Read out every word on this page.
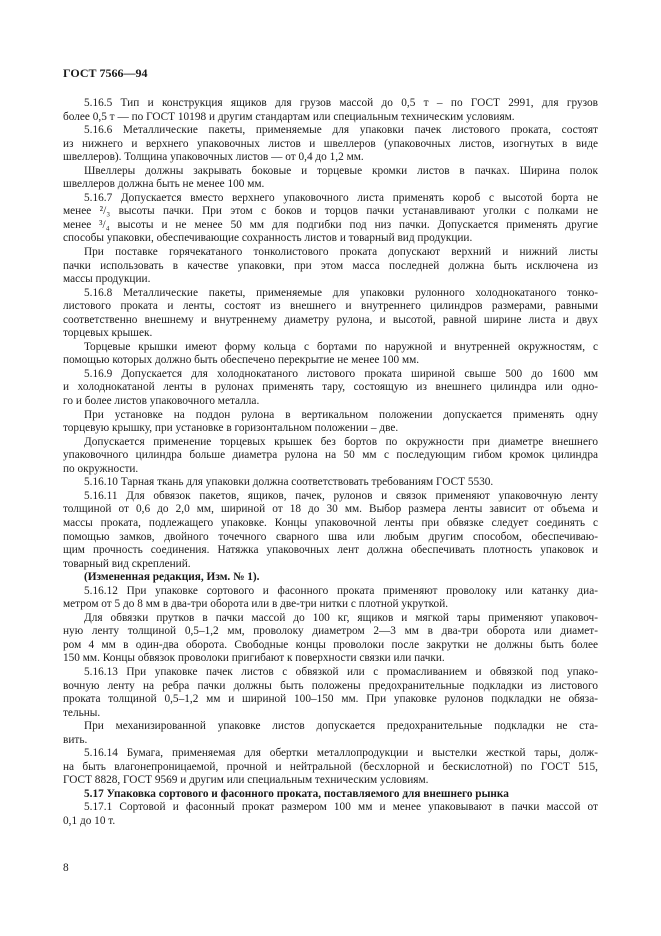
ГОСТ 7566—94
5.16.5 Тип и конструкция ящиков для грузов массой до 0,5 т – по ГОСТ 2991, для грузов
более 0,5 т — по ГОСТ 10198 и другим стандартам или специальным техническим условиям.
5.16.6 Металлические пакеты, применяемые для упаковки пачек листового проката, состоят
из нижнего и верхнего упаковочных листов и швеллеров (упаковочных листов, изогнутых в виде
швеллеров). Толщина упаковочных листов — от 0,4 до 1,2 мм.
Швеллеры должны закрывать боковые и торцевые кромки листов в пачках. Ширина полок
швеллеров должна быть не менее 100 мм.
5.16.7 Допускается вместо верхнего упаковочного листа применять короб с высотой борта не
менее ²/₃ высоты пачки. При этом с боков и торцов пачки устанавливают уголки с полками не
менее ³/₄ высоты и не менее 50 мм для подгибки под низ пачки. Допускается применять другие
способы упаковки, обеспечивающие сохранность листов и товарный вид продукции.
При поставке горячекатаного тонколистового проката допускают верхний и нижний листы
пачки использовать в качестве упаковки, при этом масса последней должна быть исключена из
массы продукции.
5.16.8 Металлические пакеты, применяемые для упаковки рулонного холоднокатаного тонко-
листового проката и ленты, состоят из внешнего и внутреннего цилиндров размерами, равными
соответственно внешнему и внутреннему диаметру рулона, и высотой, равной ширине листа и двух
торцевых крышек.
Торцевые крышки имеют форму кольца с бортами по наружной и внутренней окружностям, с
помощью которых должно быть обеспечено перекрытие не менее 100 мм.
5.16.9 Допускается для холоднокатаного листового проката шириной свыше 500 до 1600 мм
и холоднокатаной ленты в рулонах применять тару, состоящую из внешнего цилиндра или одно-
го и более листов упаковочного металла.
При установке на поддон рулона в вертикальном положении допускается применять одну
торцевую крышку, при установке в горизонтальном положении – две.
Допускается применение торцевых крышек без бортов по окружности при диаметре внешнего
упаковочного цилиндра больше диаметра рулона на 50 мм с последующим гибом кромок цилиндра
по окружности.
5.16.10 Тарная ткань для упаковки должна соответствовать требованиям ГОСТ 5530.
5.16.11 Для обвязок пакетов, ящиков, пачек, рулонов и связок применяют упаковочную ленту
толщиной от 0,6 до 2,0 мм, шириной от 18 до 30 мм. Выбор размера ленты зависит от объема и
массы проката, подлежащего упаковке. Концы упаковочной ленты при обвязке следует соединять с
помощью замков, двойного точечного сварного шва или любым другим способом, обеспечиваю-
щим прочность соединения. Натяжка упаковочных лент должна обеспечивать плотность упаковок и
товарный вид скреплений.
(Измененная редакция, Изм. № 1).
5.16.12 При упаковке сортового и фасонного проката применяют проволоку или катанку диа-
метром от 5 до 8 мм в два-три оборота или в две-три нитки с плотной укруткой.
Для обвязки прутков в пачки массой до 100 кг, ящиков и мягкой тары применяют упаковоч-
ную ленту толщиной 0,5–1,2 мм, проволоку диаметром 2—3 мм в два-три оборота или диамет-
ром 4 мм в один-два оборота. Свободные концы проволоки после закрутки не должны быть более
150 мм. Концы обвязок проволоки пригибают к поверхности связки или пачки.
5.16.13 При упаковке пачек листов с обвязкой или с промасливанием и обвязкой под упако-
вочную ленту на ребра пачки должны быть положены предохранительные подкладки из листового
проката толщиной 0,5–1,2 мм и шириной 100–150 мм. При упаковке рулонов подкладки не обяза-
тельны.
При механизированной упаковке листов допускается предохранительные подкладки не ста-
вить.
5.16.14 Бумага, применяемая для обертки металлопродукции и выстелки жесткой тары, долж-
на быть влагонепроницаемой, прочной и нейтральной (бесхлорной и бескислотной) по ГОСТ 515,
ГОСТ 8828, ГОСТ 9569 и другим или специальным техническим условиям.
5.17 Упаковка сортового и фасонного проката, поставляемого для внешнего рынка
5.17.1 Сортовой и фасонный прокат размером 100 мм и менее упаковывают в пачки массой от
0,1 до 10 т.
8
